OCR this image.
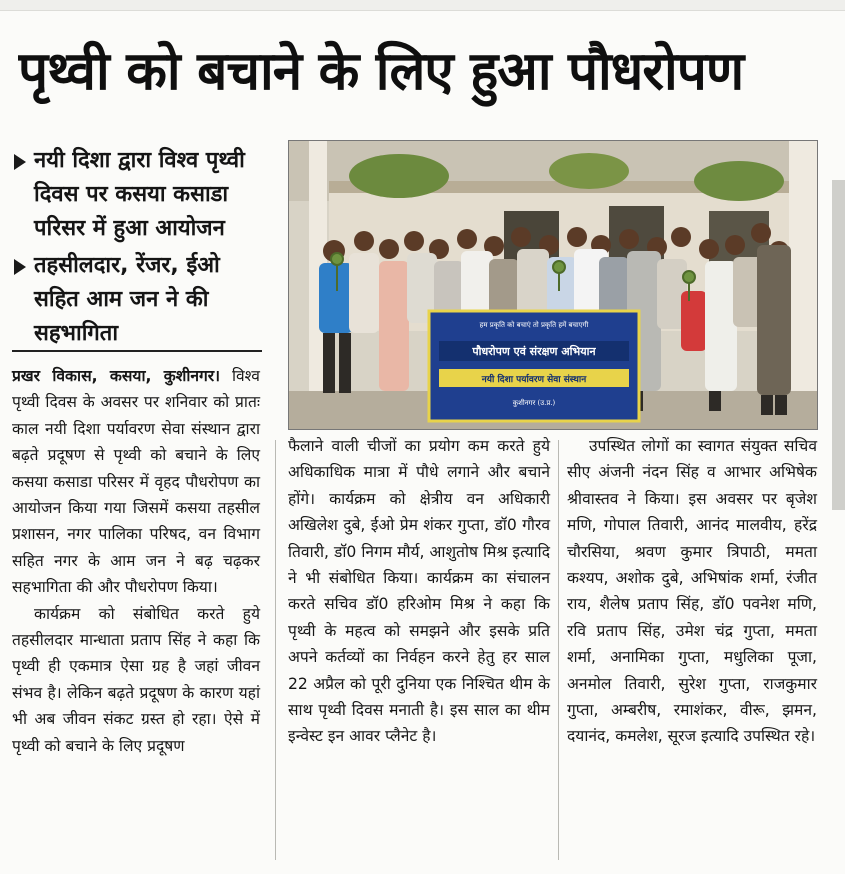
पृथ्वी को बचाने के लिए हुआ पौधरोपण
नयी दिशा द्वारा विश्व पृथ्वी दिवस पर कसया कसाडा परिसर में हुआ आयोजन
तहसीलदार, रेंजर, ईओ सहित आम जन ने की सहभागिता	हम प्रकृति को बचाएं तो प्रकृति हमें बचाएगी
पौधरोपण एवं संरक्षण अभियान
नयी दिशा पर्यावरण सेवा संस्थान
कुशीनगर (उ.प्र.)

प्रखर विकास, कसया, कुशीनगर। विश्व पृथ्वी दिवस के अवसर पर शनिवार को प्रातः काल नयी दिशा पर्यावरण सेवा संस्थान द्वारा बढ़ते प्रदूषण से पृथ्वी को बचाने के लिए कसया कसाडा परिसर में वृहद पौधरोपण का आयोजन किया गया जिसमें कसया तहसील प्रशासन, नगर पालिका परिषद, वन विभाग सहित नगर के आम जन ने बढ़ चढ़कर सहभागिता की और पौधरोपण किया।

कार्यक्रम को संबोधित करते हुये तहसीलदार मान्धाता प्रताप सिंह ने कहा कि पृथ्वी ही एकमात्र ऐसा ग्रह है जहां जीवन संभव है। लेकिन बढ़ते प्रदूषण के कारण यहां भी अब जीवन संकट ग्रस्त हो रहा। ऐसे में पृथ्वी को बचाने के लिए प्रदूषण

फैलाने वाली चीजों का प्रयोग कम करते हुये अधिकाधिक मात्रा में पौधे लगाने और बचाने होंगे। कार्यक्रम को क्षेत्रीय वन अधिकारी अखिलेश दुबे, ईओ प्रेम शंकर गुप्ता, डॉ0 गौरव तिवारी, डॉ0 निगम मौर्य, आशुतोष मिश्र इत्यादि ने भी संबोधित किया। कार्यक्रम का संचालन करते सचिव डॉ0 हरिओम मिश्र ने कहा कि पृथ्वी के महत्व को समझने और इसके प्रति अपने कर्तव्यों का निर्वहन करने हेतु हर साल 22 अप्रैल को पूरी दुनिया एक निश्चित थीम के साथ पृथ्वी दिवस मनाती है। इस साल का थीम इन्वेस्ट इन आवर प्लैनेट है।

उपस्थित लोगों का स्वागत संयुक्त सचिव सीए अंजनी नंदन सिंह व आभार अभिषेक श्रीवास्तव ने किया। इस अवसर पर बृजेश मणि, गोपाल तिवारी, आनंद मालवीय, हरेंद्र चौरसिया, श्रवण कुमार त्रिपाठी, ममता कश्यप, अशोक दुबे, अभिषांक शर्मा, रंजीत राय, शैलेष प्रताप सिंह, डॉ0 पवनेश मणि, रवि प्रताप सिंह, उमेश चंद्र गुप्ता, ममता शर्मा, अनामिका गुप्ता, मधुलिका पूजा, अनमोल तिवारी, सुरेश गुप्ता, राजकुमार गुप्ता, अम्बरीष, रमाशंकर, वीरू, झमन, दयानंद, कमलेश, सूरज इत्यादि उपस्थित रहे।
